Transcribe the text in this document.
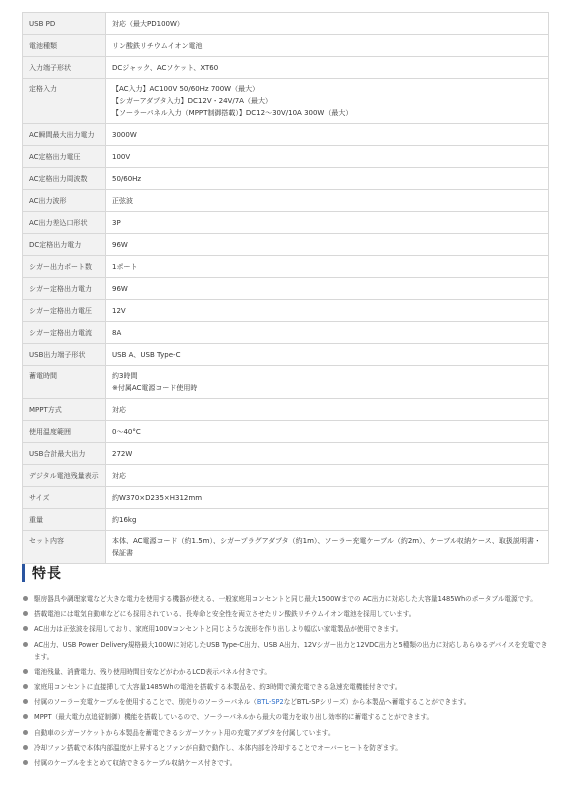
USB PD	対応（最大PD100W）

電池種類	リン酸鉄リチウムイオン電池

入力端子形状	DCジャック、ACソケット、XT60

定格入力	【AC入力】AC100V 50/60Hz 700W（最大）
【シガーアダプタ入力】DC12V・24V/7A（最大）
【ソーラーパネル入力（MPPT制御搭載）】DC12〜30V/10A 300W（最大）

AC瞬間最大出力電力	3000W

AC定格出力電圧	100V

AC定格出力周波数	50/60Hz

AC出力波形	正弦波

AC出力差込口形状	3P

DC定格出力電力	96W

シガー出力ポート数	1ポート

シガー定格出力電力	96W

シガー定格出力電圧	12V

シガー定格出力電流	8A

USB出力端子形状	USB A、USB Type-C

蓄電時間	約3時間
※付属AC電源コード使用時

MPPT方式	対応

使用温度範囲	0〜40°C

USB合計最大出力	272W

デジタル電池残量表示	対応

サイズ	約W370×D235×H312mm

重量	約16kg

セット内容	本体、AC電源コード（約1.5m）、シガープラグアダプタ（約1m）、ソーラー充電ケーブル（約2m）、ケーブル収納ケース、取扱説明書・保証書
特長
駆房器具や調理家電など大きな電力を使用する機器が使える、一般家庭用コンセントと同じ最大1500Wまでの AC出力に対応した大容量1485Whのポータブル電源です。
搭載電池には電気自動車などにも採用されている、長寿命と安全性を両立させたリン酸鉄リチウムイオン電池を採用しています。
AC出力は正弦波を採用しており、家庭用100Vコンセントと同じような波形を作り出しより幅広い家電製品が使用できます。
AC出力、USB Power Delivery規格最大100Wに対応したUSB Type-C出力、USB A出力、12Vシガー出力と12VDC出力と5種類の出力に対応しあらゆるデバイスを充電できます。
電池残量、消費電力、残り使用時間目安などがわかるLCD表示パネル付きです。
家庭用コンセントに直接挿して大容量1485Whの電池を搭載する本製品を、約3時間で満充電できる急速充電機能付きです。
付属のソーラー充電ケーブルを使用することで、別売りのソーラーパネル（BTL-SP2などBTL-SPシリーズ）から本製品へ蓄電することができます。
MPPT（最大電力点追従制御）機能を搭載しているので、ソーラーパネルから最大の電力を取り出し効率的に蓄電することができます。
自動車のシガーソケットから本製品を蓄電できるシガーソケット用の充電アダプタを付属しています。
冷却ファン搭載で本体内部温度が上昇するとファンが自動で動作し、本体内部を冷却することでオーバーヒートを防ぎます。
付属のケーブルをまとめて収納できるケーブル収納ケース付きです。
